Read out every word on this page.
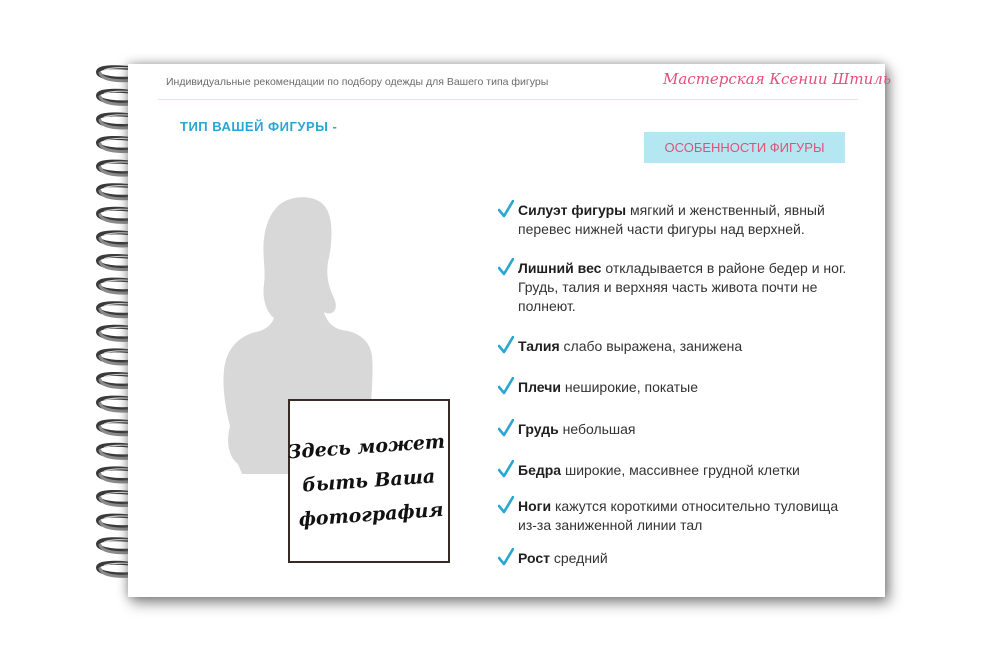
Индивидуальные рекомендации по подбору одежды для Вашего типа фигуры	Мастерская Ксении Штиль
ТИП ВАШЕЙ ФИГУРЫ -
ОСОБЕННОСТИ ФИГУРЫ
Здесь может
быть Ваша
фотография
Силуэт фигуры мягкий и женственный, явный перевес нижней части фигуры над верхней.
Лишний вес откладывается в районе бедер и ног. Грудь, талия и верхняя часть живота почти не полнеют.
Талия слабо выражена, занижена
Плечи неширокие, покатые
Грудь небольшая
Бедра широкие, массивнее грудной клетки
Ноги кажутся короткими относительно туловища из-за заниженной линии тал
Рост средний
